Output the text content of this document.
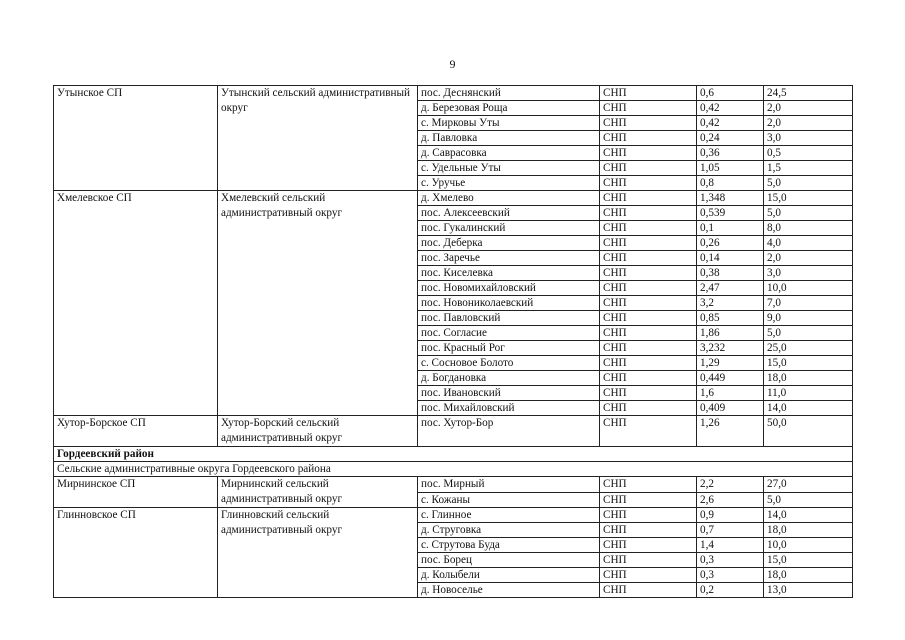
9
Утынское СП	Утынский сельский административный округ	пос. Деснянский	СНП	0,6	24,5
		д. Березовая Роща	СНП	0,42	2,0
		с. Мирковы Уты	СНП	0,42	2,0
		д. Павловка	СНП	0,24	3,0
		д. Саврасовка	СНП	0,36	0,5
		с. Удельные Уты	СНП	1,05	1,5
		с. Уручье	СНП	0,8	5,0
Хмелевское СП	Хмелевский сельский административный округ	д. Хмелево	СНП	1,348	15,0
		пос. Алексеевский	СНП	0,539	5,0
		пос. Гукалинский	СНП	0,1	8,0
		пос. Деберка	СНП	0,26	4,0
		пос. Заречье	СНП	0,14	2,0
		пос. Киселевка	СНП	0,38	3,0
		пос. Новомихайловский	СНП	2,47	10,0
		пос. Новониколаевский	СНП	3,2	7,0
		пос. Павловский	СНП	0,85	9,0
		пос. Согласие	СНП	1,86	5,0
		пос. Красный Рог	СНП	3,232	25,0
		с. Сосновое Болото	СНП	1,29	15,0
		д. Богдановка	СНП	0,449	18,0
		пос. Ивановский	СНП	1,6	11,0
		пос. Михайловский	СНП	0,409	14,0
Хутор-Борское СП	Хутор-Борский сельский административный округ	пос. Хутор-Бор	СНП	1,26	50,0
Гордеевский район					
Сельские административные округа Гордеевского района					
Мирнинское СП	Мирнинский сельский административный округ	пос. Мирный	СНП	2,2	27,0
		с. Кожаны	СНП	2,6	5,0
Глинновское СП	Глинновский сельский административный округ	с. Глинное	СНП	0,9	14,0
		д. Струговка	СНП	0,7	18,0
		с. Струтова Буда	СНП	1,4	10,0
		пос. Борец	СНП	0,3	15,0
		д. Колыбели	СНП	0,3	18,0
		д. Новоселье	СНП	0,2	13,0
